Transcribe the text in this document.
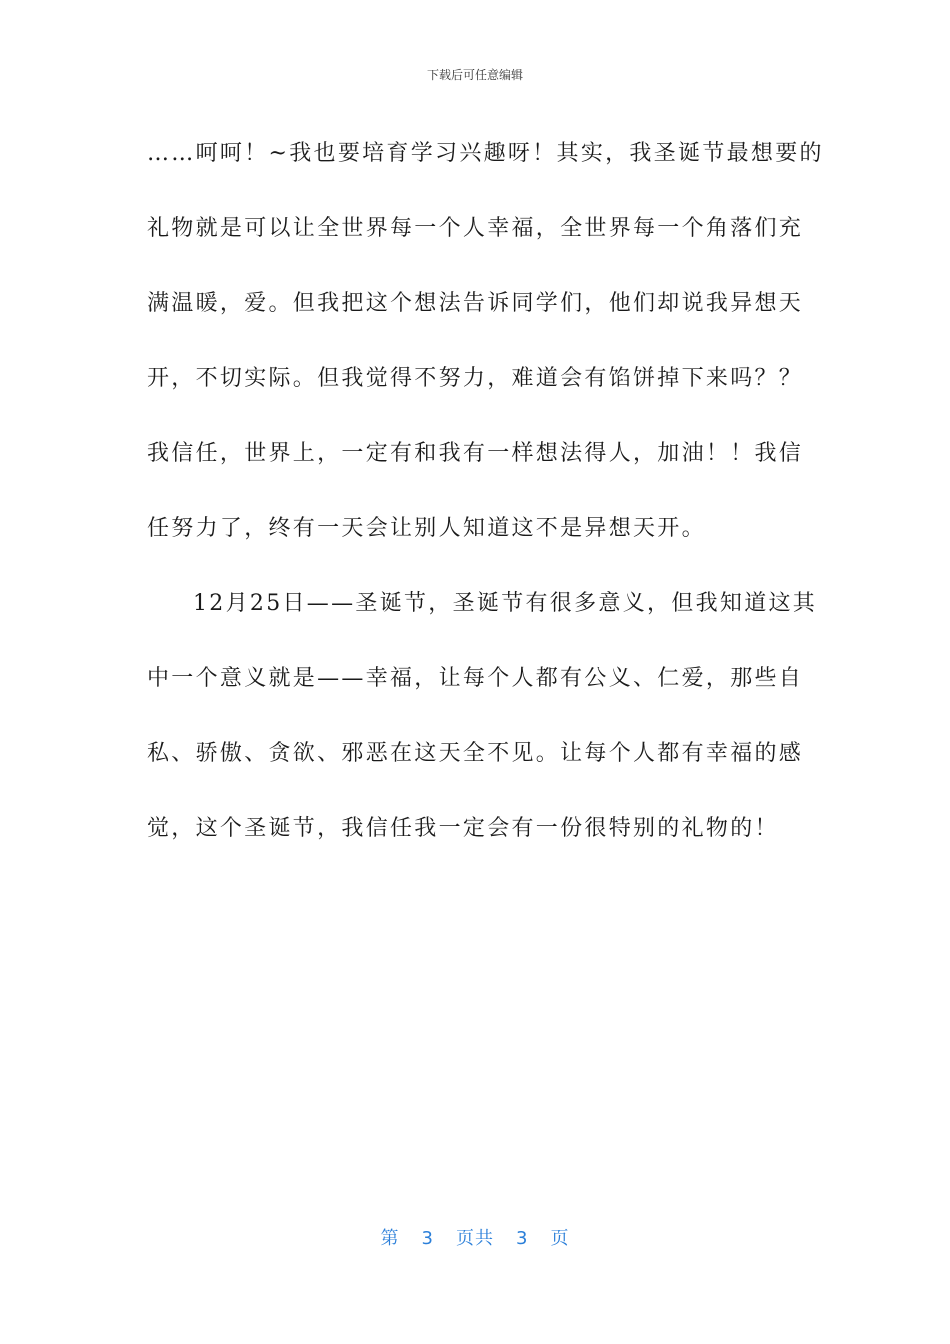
下载后可任意编辑
……呵呵！~我也要培育学习兴趣呀！其实，我圣诞节最想要的
礼物就是可以让全世界每一个人幸福，全世界每一个角落们充
满温暖，爱。但我把这个想法告诉同学们，他们却说我异想天
开，不切实际。但我觉得不努力，难道会有馅饼掉下来吗？？
我信任，世界上，一定有和我有一样想法得人，加油！！我信
任努力了，终有一天会让别人知道这不是异想天开。
12月25日——圣诞节，圣诞节有很多意义，但我知道这其
中一个意义就是——幸福，让每个人都有公义、仁爱，那些自
私、骄傲、贪欲、邪恶在这天全不见。让每个人都有幸福的感
觉，这个圣诞节，我信任我一定会有一份很特别的礼物的！
第 3 页共 3 页
